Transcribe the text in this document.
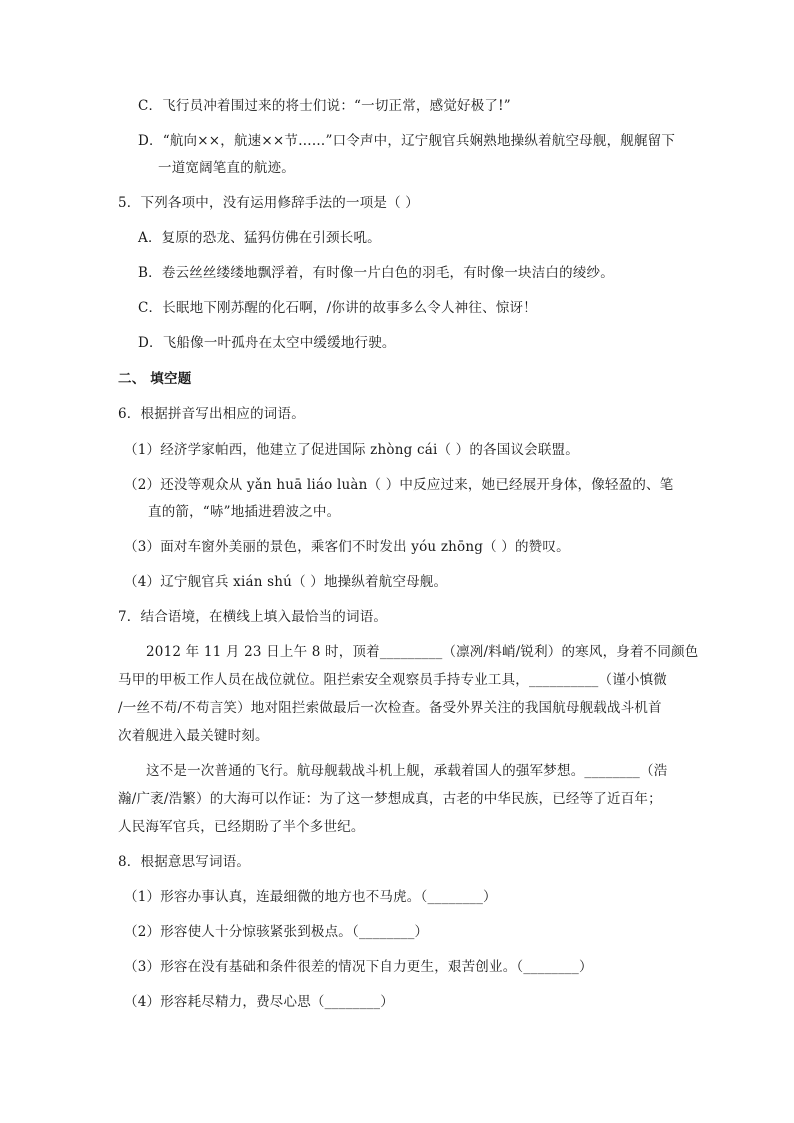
C．飞行员冲着围过来的将士们说：“一切正常，感觉好极了!”
D．“航向××，航速××节……”口令声中，辽宁舰官兵娴熟地操纵着航空母舰，舰艉留下
一道宽阔笔直的航迹。
5．下列各项中，没有运用修辞手法的一项是（ ）
A．复原的恐龙、猛犸仿佛在引颈长吼。
B．卷云丝丝缕缕地飘浮着，有时像一片白色的羽毛，有时像一块洁白的绫纱。
C．长眠地下刚苏醒的化石啊，/你讲的故事多么令人神往、惊讶！
D．飞船像一叶孤舟在太空中缓缓地行驶。
二、 填空题
6．根据拼音写出相应的词语。
（1）经济学家帕西，他建立了促进国际 zhòng cái（ ）的各国议会联盟。
（2）还没等观众从 yǎn huā liáo luàn（ ）中反应过来，她已经展开身体，像轻盈的、笔
直的箭，“哧”地插进碧波之中。
（3）面对车窗外美丽的景色，乘客们不时发出 yóu zhōng（ ）的赞叹。
（4）辽宁舰官兵 xián shú（ ）地操纵着航空母舰。
7．结合语境，在横线上填入最恰当的词语。
2012 年 11 月 23 日上午 8 时，顶着_________（凛冽/料峭/锐利）的寒风，身着不同颜色
马甲的甲板工作人员在战位就位。阻拦索安全观察员手持专业工具，__________（谨小慎微
/一丝不苟/不苟言笑）地对阻拦索做最后一次检查。备受外界关注的我国航母舰载战斗机首
次着舰进入最关键时刻。
这不是一次普通的飞行。航母舰载战斗机上舰，承载着国人的强军梦想。________（浩
瀚/广袤/浩繁）的大海可以作证：为了这一梦想成真，古老的中华民族，已经等了近百年；
人民海军官兵，已经期盼了半个多世纪。
8．根据意思写词语。
（1）形容办事认真，连最细微的地方也不马虎。（________）
（2）形容使人十分惊骇紧张到极点。（________）
（3）形容在没有基础和条件很差的情况下自力更生，艰苦创业。（________）
（4）形容耗尽精力，费尽心思（________）
